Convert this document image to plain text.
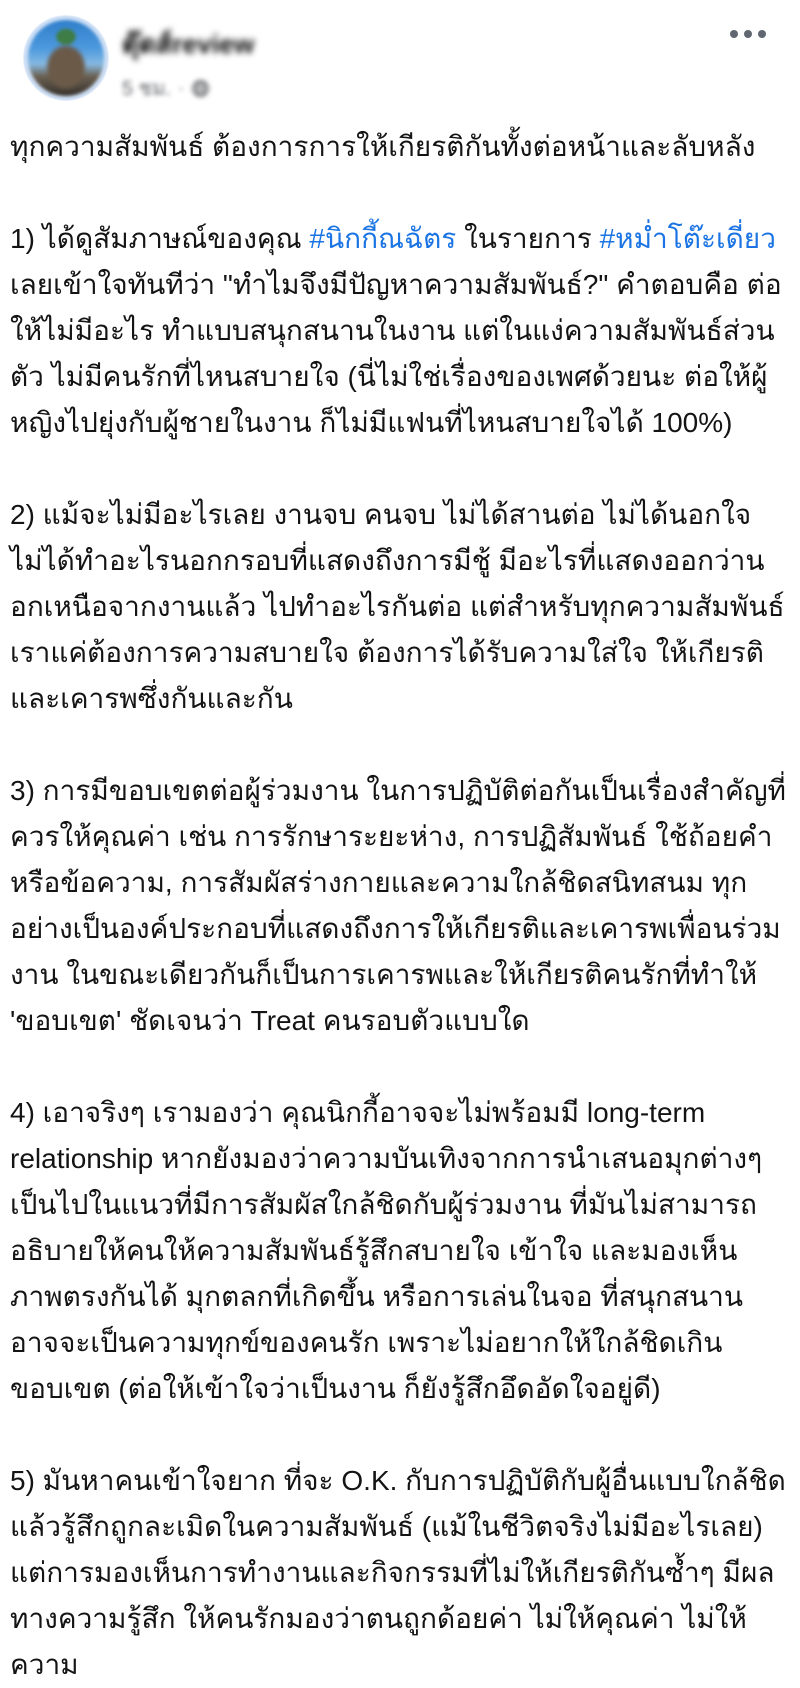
ตุ๊ดส์review
5 ชม. ·

ทุกความสัมพันธ์ ต้องการการให้เกียรติกันทั้งต่อหน้าและลับหลัง

1) ได้ดูสัมภาษณ์ของคุณ #นิกกี้ณฉัตร ในรายการ #หม่ำโต๊ะเดี่ยว เลยเข้าใจทันทีว่า "ทำไมจึงมีปัญหาความสัมพันธ์?" คำตอบคือ ต่อให้ไม่มีอะไร ทำแบบสนุกสนานในงาน แต่ในแง่ความสัมพันธ์ส่วนตัว ไม่มีคนรักที่ไหนสบายใจ (นี่ไม่ใช่เรื่องของเพศด้วยนะ ต่อให้ผู้หญิงไปยุ่งกับผู้ชายในงาน ก็ไม่มีแฟนที่ไหนสบายใจได้ 100%)

2) แม้จะไม่มีอะไรเลย งานจบ คนจบ ไม่ได้สานต่อ ไม่ได้นอกใจ ไม่ได้ทำอะไรนอกกรอบที่แสดงถึงการมีชู้ มีอะไรที่แสดงออกว่านอกเหนือจากงานแล้ว ไปทำอะไรกันต่อ แต่สำหรับทุกความสัมพันธ์ เราแค่ต้องการความสบายใจ ต้องการได้รับความใส่ใจ ให้เกียรติ และเคารพซึ่งกันและกัน

3) การมีขอบเขตต่อผู้ร่วมงาน ในการปฏิบัติต่อกันเป็นเรื่องสำคัญที่ควรให้คุณค่า เช่น การรักษาระยะห่าง, การปฏิสัมพันธ์ ใช้ถ้อยคำหรือข้อความ, การสัมผัสร่างกายและความใกล้ชิดสนิทสนม ทุกอย่างเป็นองค์ประกอบที่แสดงถึงการให้เกียรติและเคารพเพื่อนร่วมงาน ในขณะเดียวกันก็เป็นการเคารพและให้เกียรติคนรักที่ทำให้ 'ขอบเขต' ชัดเจนว่า Treat คนรอบตัวแบบใด

4) เอาจริงๆ เรามองว่า คุณนิกกี้อาจจะไม่พร้อมมี long-term relationship หากยังมองว่าความบันเทิงจากการนำเสนอมุกต่างๆ เป็นไปในแนวที่มีการสัมผัสใกล้ชิดกับผู้ร่วมงาน ที่มันไม่สามารถอธิบายให้คนให้ความสัมพันธ์รู้สึกสบายใจ เข้าใจ และมองเห็นภาพตรงกันได้ มุกตลกที่เกิดขึ้น หรือการเล่นในจอ ที่สนุกสนาน อาจจะเป็นความทุกข์ของคนรัก เพราะไม่อยากให้ใกล้ชิดเกินขอบเขต (ต่อให้เข้าใจว่าเป็นงาน ก็ยังรู้สึกอึดอัดใจอยู่ดี)

5) มันหาคนเข้าใจยาก ที่จะ O.K. กับการปฏิบัติกับผู้อื่นแบบใกล้ชิด แล้วรู้สึกถูกละเมิดในความสัมพันธ์ (แม้ในชีวิตจริงไม่มีอะไรเลย) แต่การมองเห็นการทำงานและกิจกรรมที่ไม่ให้เกียรติกันซ้ำๆ มีผลทางความรู้สึก ให้คนรักมองว่าตนถูกด้อยค่า ไม่ให้คุณค่า ไม่ให้ความ
